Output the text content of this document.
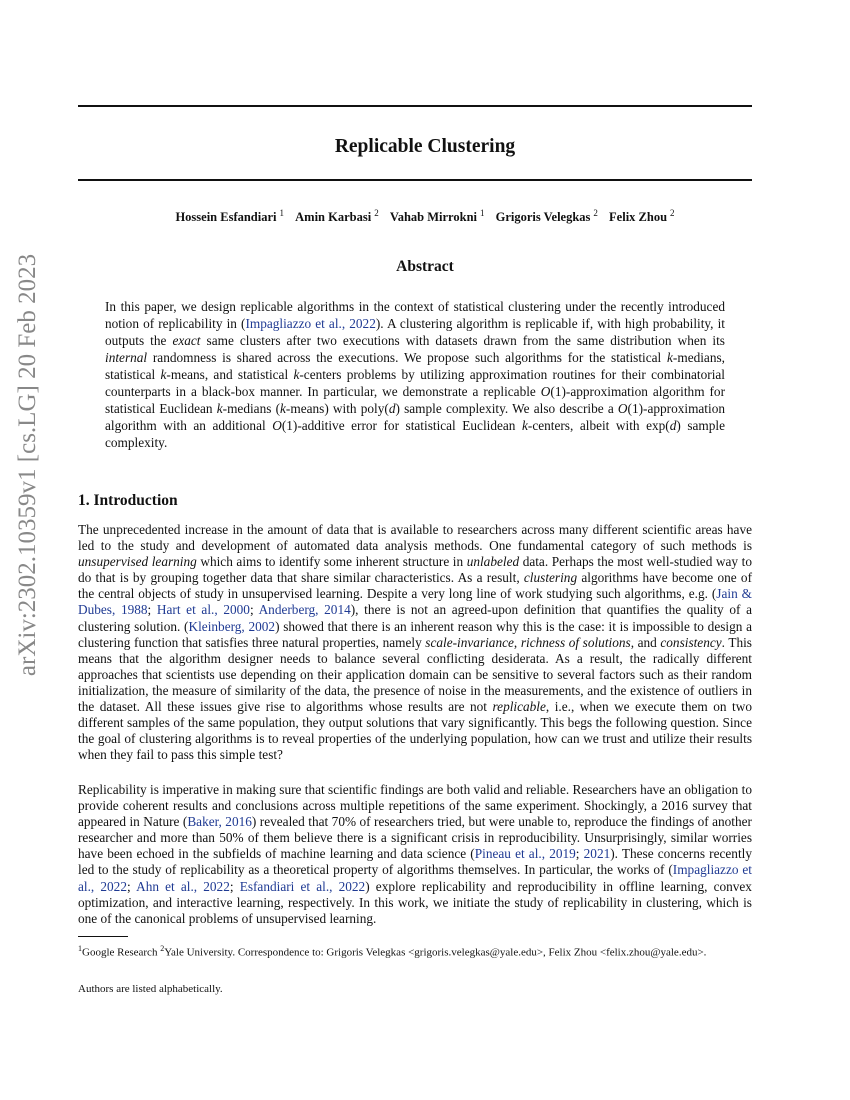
arXiv:2302.10359v1 [cs.LG] 20 Feb 2023
Replicable Clustering
Hossein Esfandiari $^1$ Amin Karbasi $^2$ Vahab Mirrokni $^1$ Grigoris Velegkas $^2$ Felix Zhou $^2$
Abstract
In this paper, we design replicable algorithms in the context of statistical clustering under the recently introduced notion of replicability in (Impagliazzo et al., 2022). A clustering algorithm is replicable if, with high probability, it outputs the exact same clusters after two executions with datasets drawn from the same distribution when its internal randomness is shared across the executions. We propose such algorithms for the statistical k-medians, statistical k-means, and statistical k-centers problems by utilizing approximation routines for their combinatorial counterparts in a black-box manner. In particular, we demonstrate a replicable O(1)-approximation algorithm for statistical Euclidean k-medians (k-means) with poly(d) sample complexity. We also describe a O(1)-approximation algorithm with an additional O(1)-additive error for statistical Euclidean k-centers, albeit with exp(d) sample complexity.
1. Introduction
The unprecedented increase in the amount of data that is available to researchers across many different scientific areas have led to the study and development of automated data analysis methods. One fundamental category of such methods is unsupervised learning which aims to identify some inherent structure in unlabeled data. Perhaps the most well-studied way to do that is by grouping together data that share similar characteristics. As a result, clustering algorithms have become one of the central objects of study in unsupervised learning. Despite a very long line of work studying such algorithms, e.g. (Jain & Dubes, 1988; Hart et al., 2000; Anderberg, 2014), there is not an agreed-upon definition that quantifies the quality of a clustering solution. (Kleinberg, 2002) showed that there is an inherent reason why this is the case: it is impossible to design a clustering function that satisfies three natural properties, namely scale-invariance, richness of solutions, and consistency. This means that the algorithm designer needs to balance several conflicting desiderata. As a result, the radically different approaches that scientists use depending on their application domain can be sensitive to several factors such as their random initialization, the measure of similarity of the data, the presence of noise in the measurements, and the existence of outliers in the dataset. All these issues give rise to algorithms whose results are not replicable, i.e., when we execute them on two different samples of the same population, they output solutions that vary significantly. This begs the following question. Since the goal of clustering algorithms is to reveal properties of the underlying population, how can we trust and utilize their results when they fail to pass this simple test?
Replicability is imperative in making sure that scientific findings are both valid and reliable. Researchers have an obligation to provide coherent results and conclusions across multiple repetitions of the same experiment. Shockingly, a 2016 survey that appeared in Nature (Baker, 2016) revealed that 70% of researchers tried, but were unable to, reproduce the findings of another researcher and more than 50% of them believe there is a significant crisis in reproducibility. Unsurprisingly, similar worries have been echoed in the subfields of machine learning and data science (Pineau et al., 2019; 2021). These concerns recently led to the study of replicability as a theoretical property of algorithms themselves. In particular, the works of (Impagliazzo et al., 2022; Ahn et al., 2022; Esfandiari et al., 2022) explore replicability and reproducibility in offline learning, convex optimization, and interactive learning, respectively. In this work, we initiate the study of replicability in clustering, which is one of the canonical problems of unsupervised learning.
$^1$Google Research $^2$Yale University. Correspondence to: Grigoris Velegkas <grigoris.velegkas@yale.edu>, Felix Zhou <felix.zhou@yale.edu>.
Authors are listed alphabetically.
